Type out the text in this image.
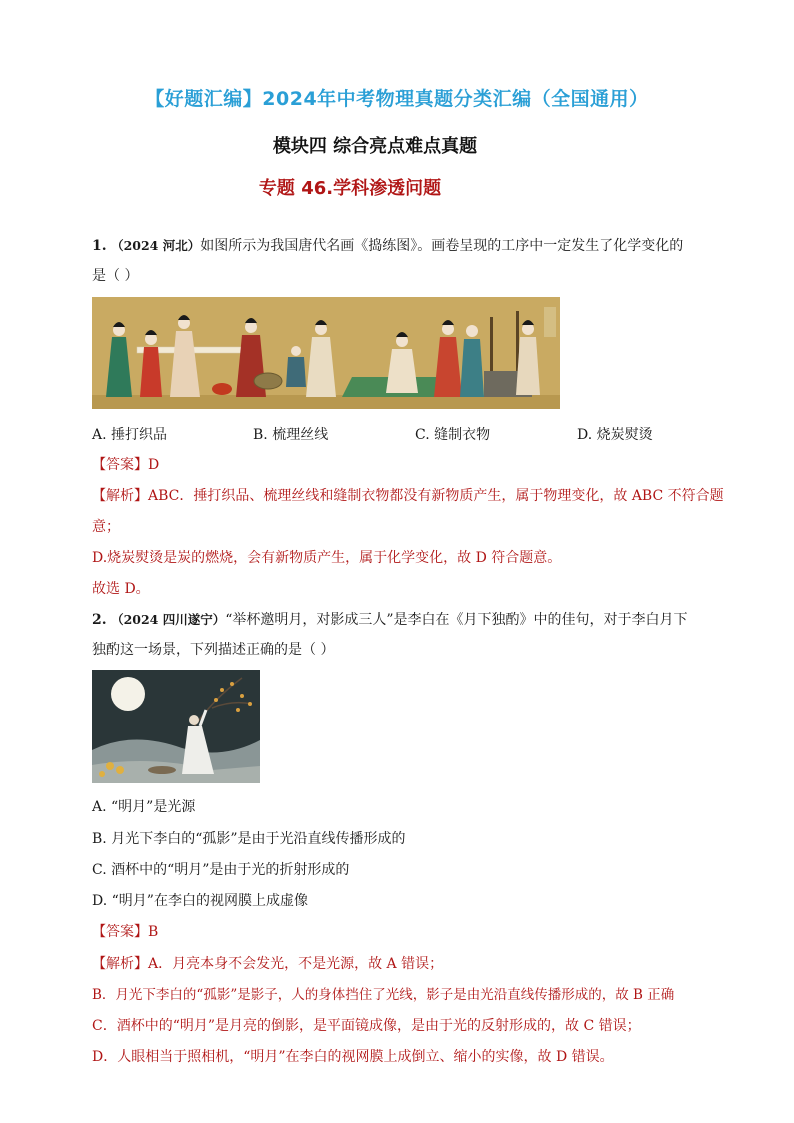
【好题汇编】2024年中考物理真题分类汇编（全国通用）
模块四 综合亮点难点真题
专题 46.学科渗透问题
1. （2024 河北）如图所示为我国唐代名画《捣练图》。画卷呈现的工序中一定发生了化学变化的
是（ ）
A. 捶打织品	B. 梳理丝线	C. 缝制衣物	D. 烧炭熨烫
【答案】D
【解析】ABC．捶打织品、梳理丝线和缝制衣物都没有新物质产生，属于物理变化，故 ABC 不符合题
意；
D.烧炭熨烫是炭的燃烧，会有新物质产生，属于化学变化，故 D 符合题意。
故选 D。
2. （2024 四川遂宁）“举杯邀明月，对影成三人”是李白在《月下独酌》中的佳句，对于李白月下
独酌这一场景，下列描述正确的是（ ）
A. “明月”是光源
B. 月光下李白的“孤影”是由于光沿直线传播形成的
C. 酒杯中的“明月”是由于光的折射形成的
D. “明月”在李白的视网膜上成虚像
【答案】B
【解析】A．月亮本身不会发光，不是光源，故 A 错误；
B．月光下李白的“孤影”是影子，人的身体挡住了光线，影子是由光沿直线传播形成的，故 B 正确
C．酒杯中的“明月”是月亮的倒影，是平面镜成像，是由于光的反射形成的，故 C 错误；
D．人眼相当于照相机，“明月”在李白的视网膜上成倒立、缩小的实像，故 D 错误。
